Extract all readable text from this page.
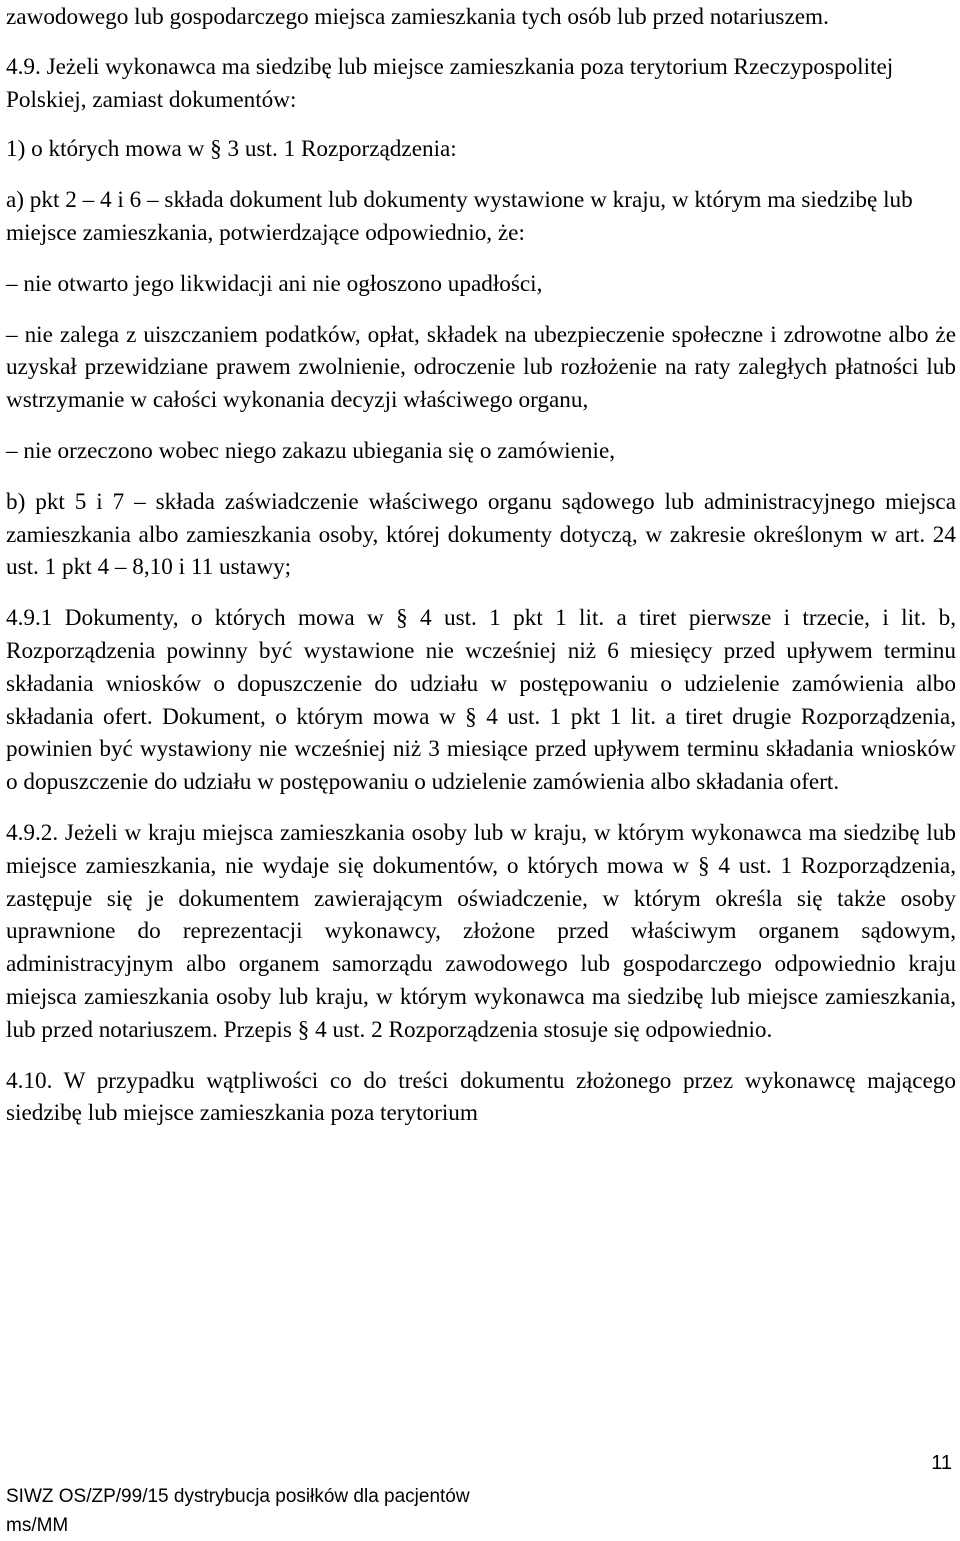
zawodowego lub gospodarczego miejsca zamieszkania tych osób lub przed notariuszem.

4.9. Jeżeli wykonawca ma siedzibę lub miejsce zamieszkania poza terytorium Rzeczypospolitej Polskiej, zamiast dokumentów:

1) o których mowa w § 3 ust. 1 Rozporządzenia:

a) pkt 2 – 4 i 6 – składa dokument lub dokumenty wystawione w kraju, w którym ma siedzibę lub miejsce zamieszkania, potwierdzające odpowiednio, że:

– nie otwarto jego likwidacji ani nie ogłoszono upadłości,

– nie zalega z uiszczaniem podatków, opłat, składek na ubezpieczenie społeczne i zdrowotne albo że uzyskał przewidziane prawem zwolnienie, odroczenie lub rozłożenie na raty zaległych płatności lub wstrzymanie w całości wykonania decyzji właściwego organu,

– nie orzeczono wobec niego zakazu ubiegania się o zamówienie,

b) pkt 5 i 7 – składa zaświadczenie właściwego organu sądowego lub administracyjnego miejsca zamieszkania albo zamieszkania osoby, której dokumenty dotyczą, w zakresie określonym w art. 24 ust. 1 pkt 4 – 8,10 i 11 ustawy;

4.9.1 Dokumenty, o których mowa w § 4 ust. 1 pkt 1 lit. a tiret pierwsze i trzecie, i lit. b, Rozporządzenia powinny być wystawione nie wcześniej niż 6 miesięcy przed upływem terminu składania wniosków o dopuszczenie do udziału w postępowaniu o udzielenie zamówienia albo składania ofert. Dokument, o którym mowa w § 4 ust. 1 pkt 1 lit. a tiret drugie Rozporządzenia, powinien być wystawiony nie wcześniej niż 3 miesiące przed upływem terminu składania wniosków o dopuszczenie do udziału w postępowaniu o udzielenie zamówienia albo składania ofert.

4.9.2. Jeżeli w kraju miejsca zamieszkania osoby lub w kraju, w którym wykonawca ma siedzibę lub miejsce zamieszkania, nie wydaje się dokumentów, o których mowa w § 4 ust. 1 Rozporządzenia, zastępuje się je dokumentem zawierającym oświadczenie, w którym określa się także osoby uprawnione do reprezentacji wykonawcy, złożone przed właściwym organem sądowym, administracyjnym albo organem samorządu zawodowego lub gospodarczego odpowiednio kraju miejsca zamieszkania osoby lub kraju, w którym wykonawca ma siedzibę lub miejsce zamieszkania, lub przed notariuszem. Przepis § 4 ust. 2 Rozporządzenia stosuje się odpowiednio.

4.10. W przypadku wątpliwości co do treści dokumentu złożonego przez wykonawcę mającego siedzibę lub miejsce zamieszkania poza terytorium

11
SIWZ OS/ZP/99/15 dystrybucja posiłków dla pacjentów
ms/MM
